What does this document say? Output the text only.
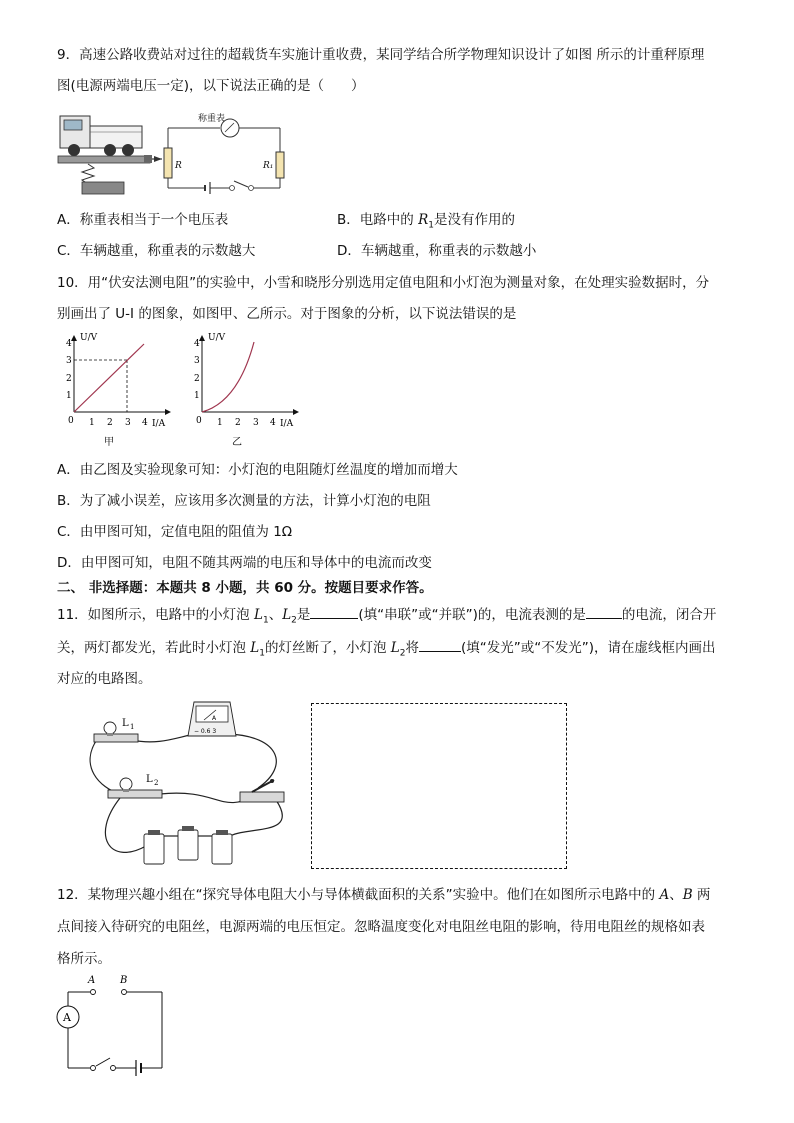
9．高速公路收费站对过往的超载货车实施计重收费，某同学结合所学物理知识设计了如图 所示的计重秤原理
图(电源两端电压一定)，以下说法正确的是（　　）
称重表
R	R₁
A．称重表相当于一个电压表	B．电路中的 $R_1$是没有作用的
C．车辆越重，称重表的示数越大	D．车辆越重，称重表的示数越小
10．用“伏安法测电阻”的实验中，小雪和晓彤分别选用定值电阻和小灯泡为测量对象，在处理实验数据时，分
别画出了 U-I 的图象，如图甲、乙所示。对于图象的分析，以下说法错误的是
U/V
I/A
1
2
3
4
0 1 2 3 4
甲
U/V
I/A
1
2
3
4
0 1 2 3 4
乙
A．由乙图及实验现象可知：小灯泡的电阻随灯丝温度的增加而增大
B．为了减小误差，应该用多次测量的方法，计算小灯泡的电阻
C．由甲图可知，定值电阻的阻值为 1Ω
D．由甲图可知，电阻不随其两端的电压和导体中的电流而改变
二、 非选择题：本题共 8 小题，共 60 分。按题目要求作答。
11．如图所示，电路中的小灯泡 $L_1$、$L_2$是	(填“串联”或“并联”)的，电流表测的是	的电流，闭合开
关，两灯都发光，若此时小灯泡 $L_1$的灯丝断了，小灯泡 $L_2$将	(填“发光”或“不发光”)，请在虚线框内画出
对应的电路图。
L 1
L 2
A
− 0.6 3
12．某物理兴趣小组在“探究导体电阻大小与导体横截面积的关系”实验中。他们在如图所示电路中的 A、B 两
点间接入待研究的电阻丝，电源两端的电压恒定。忽略温度变化对电阻丝电阻的影响，待用电阻丝的规格如表
格所示。
A B
A
